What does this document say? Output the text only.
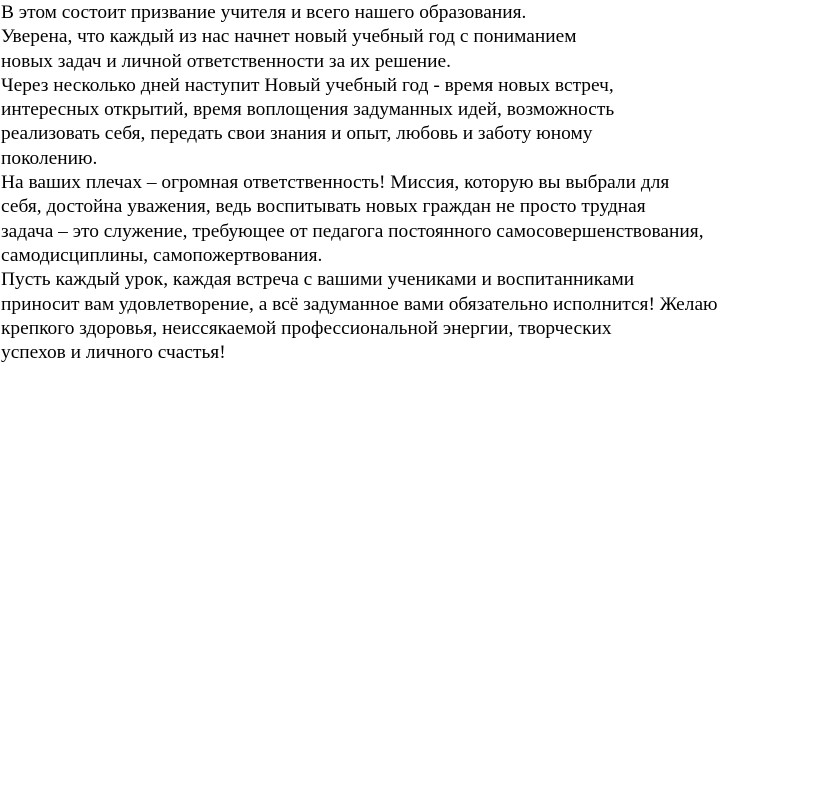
В этом состоит призвание учителя и всего нашего образования.
Уверена, что каждый из нас начнет новый учебный год с пониманием
новых задач и личной ответственности за их решение.
Через несколько дней наступит Новый учебный год - время новых встреч,
интересных открытий, время воплощения задуманных идей, возможность
реализовать себя, передать свои знания и опыт, любовь и заботу юному
поколению.
На ваших плечах – огромная ответственность! Миссия, которую вы выбрали для
себя, достойна уважения, ведь воспитывать новых граждан не просто трудная
задача – это служение, требующее от педагога постоянного самосовершенствования,
самодисциплины, самопожертвования.
Пусть каждый урок, каждая встреча с вашими учениками и воспитанниками
приносит вам удовлетворение, а всё задуманное вами обязательно исполнится! Желаю
крепкого здоровья, неиссякаемой профессиональной энергии, творческих
успехов и личного счастья!
